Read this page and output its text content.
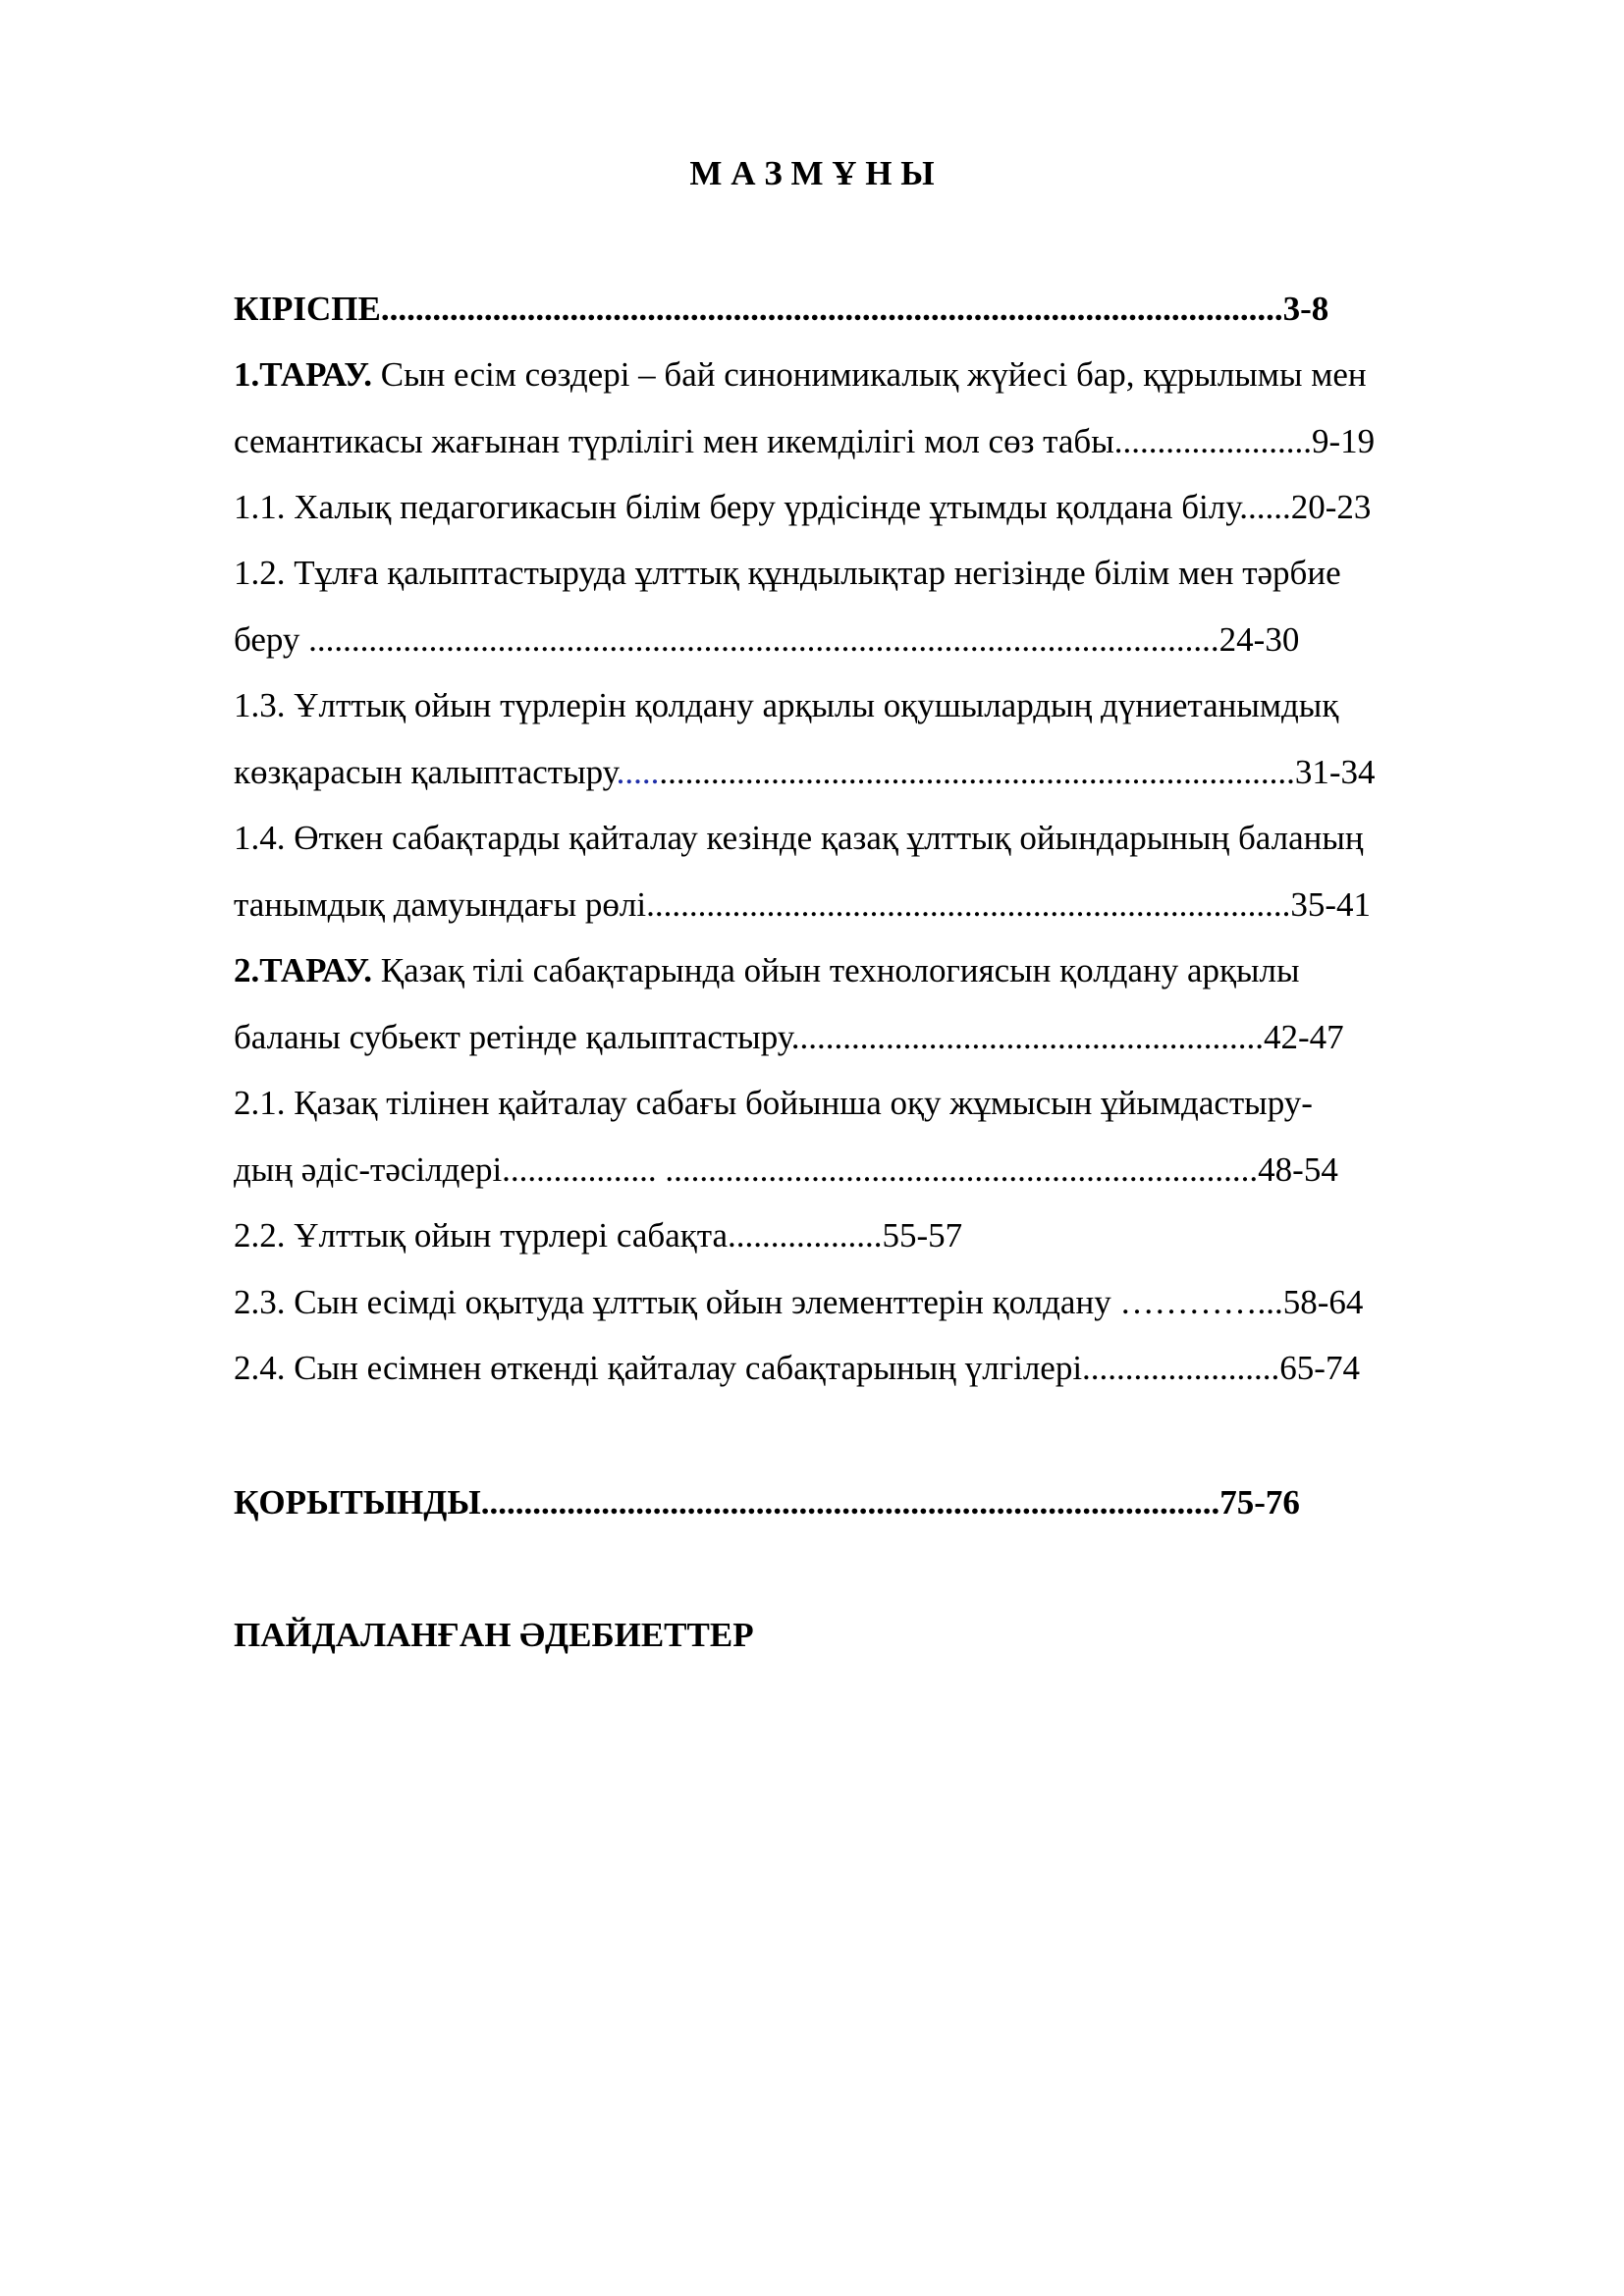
М А З М Ұ Н Ы
КІРІСПЕ.........................................................................................................3-8
1.ТАРАУ. Сын есім сөздері – бай синонимикалық жүйесі бар, құрылымы мен
семантикасы жағынан түрлілігі мен икемділігі мол сөз табы.......................9-19
1.1. Халық педагогикасын білім беру үрдісінде ұтымды қолдана білу......20-23
1.2. Тұлға қалыптастыруда ұлттық құндылықтар негізінде білім мен тәрбие
беру ..........................................................................................................24-30
1.3. Ұлттық ойын түрлерін қолдану арқылы оқушылардың дүниетанымдық
көзқарасын қалыптастыру...............................................................................31-34
1.4. Өткен сабақтарды қайталау кезінде қазақ ұлттық ойындарының баланың
танымдық дамуындағы рөлі...........................................................................35-41
2.ТАРАУ. Қазақ тілі сабақтарында ойын технологиясын қолдану арқылы
баланы субьект ретінде қалыптастыру.......................................................42-47
2.1. Қазақ тілінен қайталау сабағы бойынша оқу жұмысын ұйымдастыру-
дың әдіс-тәсілдері.................. .....................................................................48-54
2.2. Ұлттық ойын түрлері сабақта..................55-57
2.3. Сын есімді оқытуда ұлттық ойын элементтерін қолдану …………...58-64
2.4. Сын есімнен өткенді қайталау сабақтарының үлгілері.......................65-74
ҚОРЫТЫНДЫ......................................................................................75-76
ПАЙДАЛАНҒАН ӘДЕБИЕТТЕР
